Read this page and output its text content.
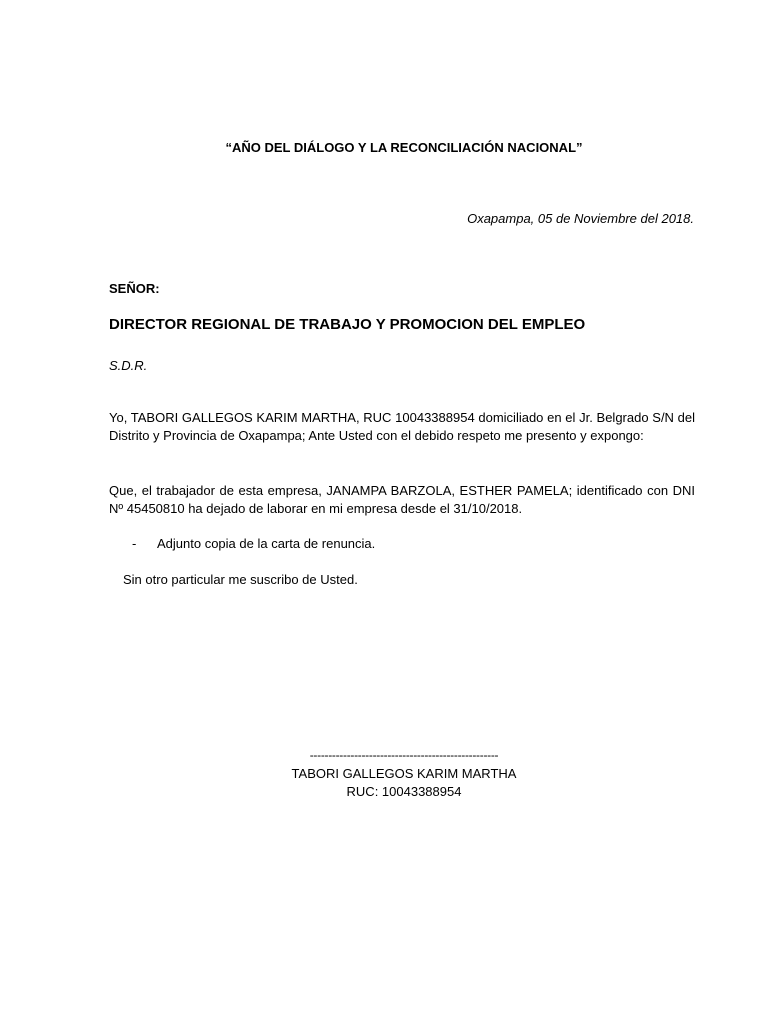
“AÑO DEL DIÁLOGO Y LA RECONCILIACIÓN NACIONAL”

Oxapampa, 05 de Noviembre del 2018.

SEÑOR:

DIRECTOR REGIONAL DE TRABAJO Y PROMOCION DEL EMPLEO

S.D.R.

Yo, TABORI GALLEGOS KARIM MARTHA, RUC 10043388954 domiciliado en el Jr. Belgrado S/N del Distrito y Provincia de Oxapampa; Ante Usted con el debido respeto me presento y expongo:

Que, el trabajador de esta empresa, JANAMPA BARZOLA, ESTHER PAMELA; identificado con DNI Nº 45450810 ha dejado de laborar en mi empresa desde el 31/10/2018.

-	Adjunto copia de la carta de renuncia.

Sin otro particular me suscribo de Usted.

---------------------------------------------------

TABORI GALLEGOS KARIM MARTHA

RUC: 10043388954
